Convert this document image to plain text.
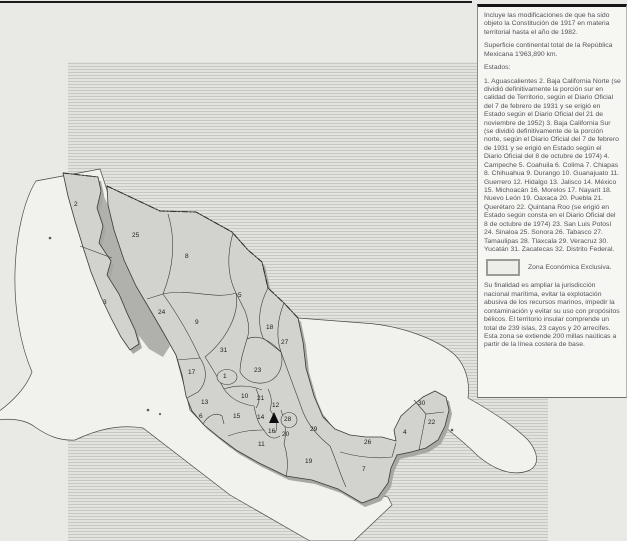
2
25
8
3
5
24
9
18
27
31
23
17
1
10 21
13	12
6	15	14	28
16 20
29
11
30
22
4
26
19
7

Incluye las modificaciones de que ha sido objeto la Constitución de 1917 en materia territorial hasta el año de 1982.

Superficie continental total de la República Mexicana 1'963,890 km.

Estados:

1. Aguascalientes 2. Baja California Norte (se dividió definitivamente la porción sur en calidad de Territorio, según el Diario Oficial del 7 de febrero de 1931 y se erigió en Estado según el Diario Oficial del 21 de noviembre de 1952) 3. Baja California Sur (se dividió definitivamente de la porción norte, según el Diario Oficial del 7 de febrero de 1931 y se erigió en Estado según el Diario Oficial del 8 de octubre de 1974) 4. Campeche 5. Coahuila 6. Colima 7. Chiapas 8. Chihuahua 9. Durango 10. Guanajuato 11. Guerrero 12. Hidalgo 13. Jalisco 14. México 15. Michoacán 16. Morelos 17. Nayarit 18. Nuevo León 19. Oaxaca 20. Puebla 21. Querétaro 22. Quintana Roo (se erigió en Estado según consta en el Diario Oficial del 8 de octubre de 1974) 23. San Luis Potosí 24. Sinaloa 25. Sonora 26. Tabasco 27. Tamaulipas 28. Tlaxcala 29. Veracruz 30. Yucatán 31. Zacatecas 32. Distrito Federal.

Zona Económica Exclusiva.

Su finalidad es ampliar la jurisdicción nacional marítima, evitar la explotación abusiva de los recursos marinos, impedir la contaminación y evitar su uso con propósitos bélicos. El territorio insular comprende un total de 239 islas, 23 cayos y 20 arrecifes. Esta zona se extiende 200 millas naúticas a partir de la línea costera de base.
